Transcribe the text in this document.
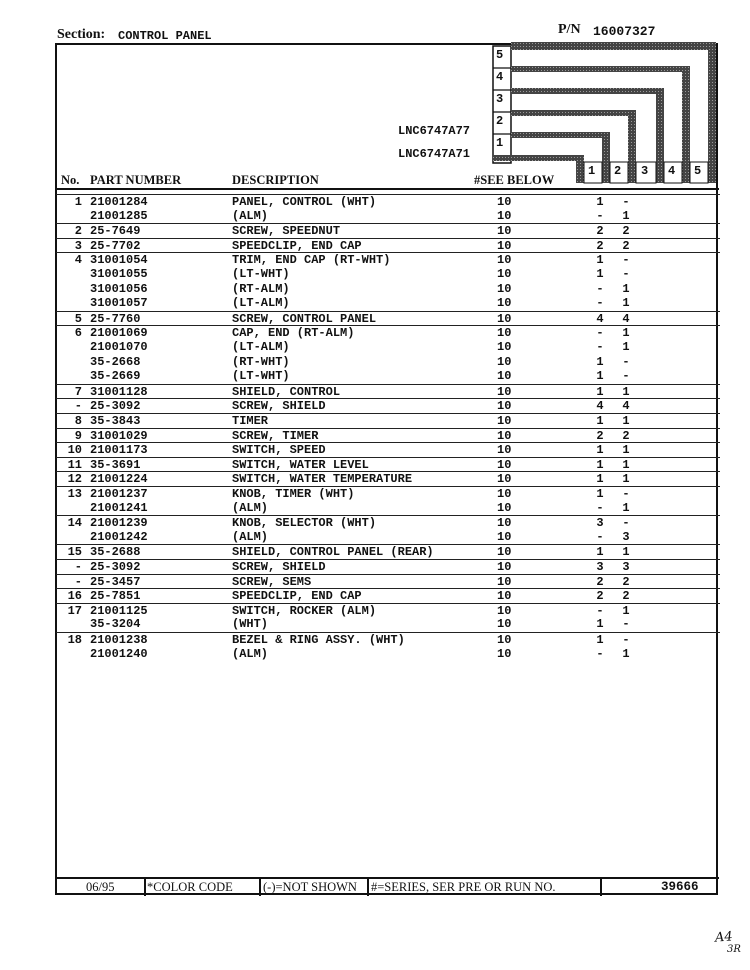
Section: CONTROL PANEL	P/N 16007327
5
4
3
2
1
1 2 3 4 5
LNC6747A77
LNC6747A71
No. PART NUMBER	DESCRIPTION	#SEE BELOW
1 21001284	PANEL, CONTROL (WHT)	10	1 -
21001285	(ALM)	10	- 1
2 25-7649	SCREW, SPEEDNUT	10	2 2
3 25-7702	SPEEDCLIP, END CAP	10	2 2
4 31001054	TRIM, END CAP (RT-WHT)	10	1 -
31001055	(LT-WHT)	10	1 -
31001056	(RT-ALM)	10	- 1
31001057	(LT-ALM)	10	- 1
5 25-7760	SCREW, CONTROL PANEL	10	4 4
6 21001069	CAP, END (RT-ALM)	10	- 1
21001070	(LT-ALM)	10	- 1
35-2668	(RT-WHT)	10	1 -
35-2669	(LT-WHT)	10	1 -
7 31001128	SHIELD, CONTROL	10	1 1
- 25-3092	SCREW, SHIELD	10	4 4
8 35-3843	TIMER	10	1 1
9 31001029	SCREW, TIMER	10	2 2
10 21001173	SWITCH, SPEED	10	1 1
11 35-3691	SWITCH, WATER LEVEL	10	1 1
12 21001224	SWITCH, WATER TEMPERATURE	10	1 1
13 21001237	KNOB, TIMER (WHT)	10	1 -
21001241	(ALM)	10	- 1
14 21001239	KNOB, SELECTOR (WHT)	10	3 -
21001242	(ALM)	10	- 3
15 35-2688	SHIELD, CONTROL PANEL (REAR)	10	1 1
- 25-3092	SCREW, SHIELD	10	3 3
- 25-3457	SCREW, SEMS	10	2 2
16 25-7851	SPEEDCLIP, END CAP	10	2 2
17 21001125	SWITCH, ROCKER (ALM)	10	- 1
35-3204	(WHT)	10	1 -
18 21001238	BEZEL & RING ASSY. (WHT)	10	1 -
21001240	(ALM)	10	- 1
06/95	*COLOR CODE (-)=NOT SHOWN #=SERIES, SER PRE OR RUN NO.	39666
A4
3R
